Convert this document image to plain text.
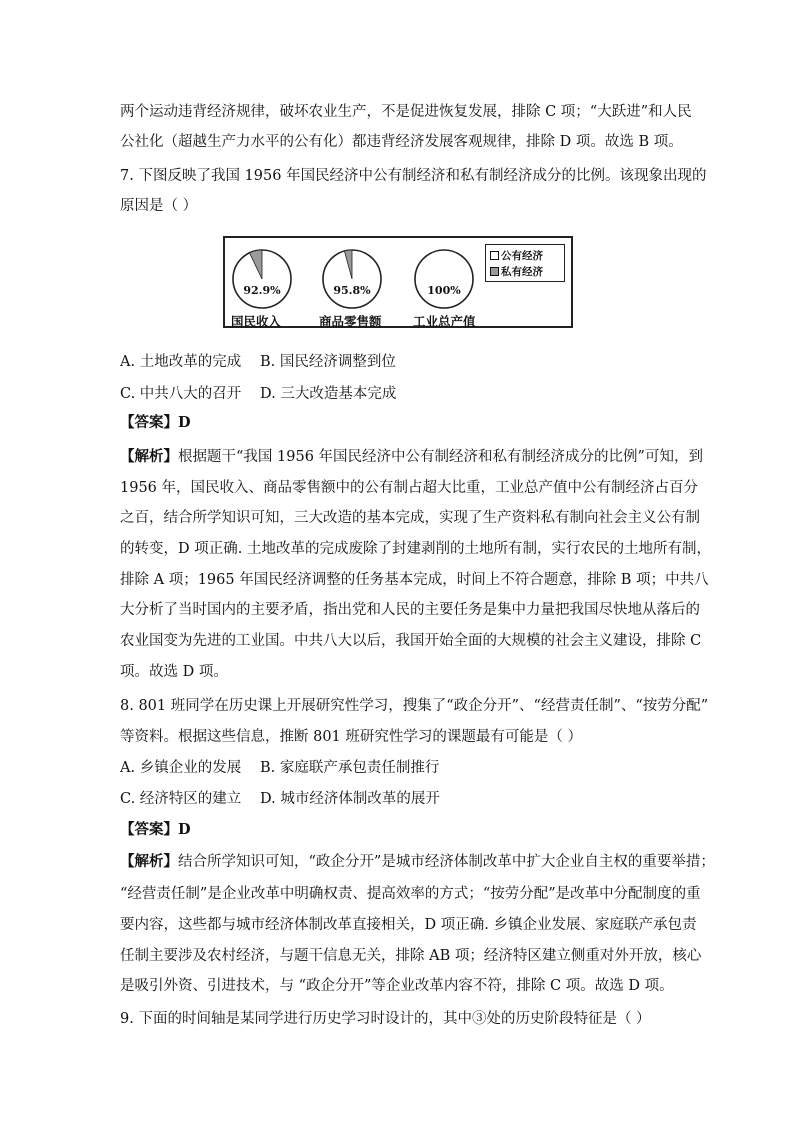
两个运动违背经济规律，破坏农业生产，不是促进恢复发展，排除 C 项；“大跃进”和人民
公社化（超越生产力水平的公有化）都违背经济发展客观规律，排除 D 项。故选 B 项。
7. 下图反映了我国 1956 年国民经济中公有制经济和私有制经济成分的比例。该现象出现的
原因是（ ）
92.9%
国民收入
95.8%
商品零售额
100%
工业总产值
公有经济
私有经济
A. 土地改革的完成 B. 国民经济调整到位
C. 中共八大的召开 D. 三大改造基本完成
【答案】D
【解析】根据题干“我国 1956 年国民经济中公有制经济和私有制经济成分的比例”可知，到
1956 年，国民收入、商品零售额中的公有制占超大比重，工业总产值中公有制经济占百分
之百，结合所学知识可知，三大改造的基本完成，实现了生产资料私有制向社会主义公有制
的转变，D 项正确. 土地改革的完成废除了封建剥削的土地所有制，实行农民的土地所有制，
排除 A 项；1965 年国民经济调整的任务基本完成，时间上不符合题意，排除 B 项；中共八
大分析了当时国内的主要矛盾，指出党和人民的主要任务是集中力量把我国尽快地从落后的
农业国变为先进的工业国。中共八大以后，我国开始全面的大规模的社会主义建设，排除 C
项。故选 D 项。
8. 801 班同学在历史课上开展研究性学习，搜集了“政企分开”、“经营责任制”、“按劳分配”
等资料。根据这些信息，推断 801 班研究性学习的课题最有可能是（ ）
A. 乡镇企业的发展 B. 家庭联产承包责任制推行
C. 经济特区的建立 D. 城市经济体制改革的展开
【答案】D
【解析】结合所学知识可知，“政企分开”是城市经济体制改革中扩大企业自主权的重要举措；
“经营责任制”是企业改革中明确权责、提高效率的方式；“按劳分配”是改革中分配制度的重
要内容，这些都与城市经济体制改革直接相关，D 项正确. 乡镇企业发展、家庭联产承包责
任制主要涉及农村经济，与题干信息无关，排除 AB 项；经济特区建立侧重对外开放，核心
是吸引外资、引进技术，与 “政企分开”等企业改革内容不符，排除 C 项。故选 D 项。
9. 下面的时间轴是某同学进行历史学习时设计的，其中③处的历史阶段特征是（ ）
